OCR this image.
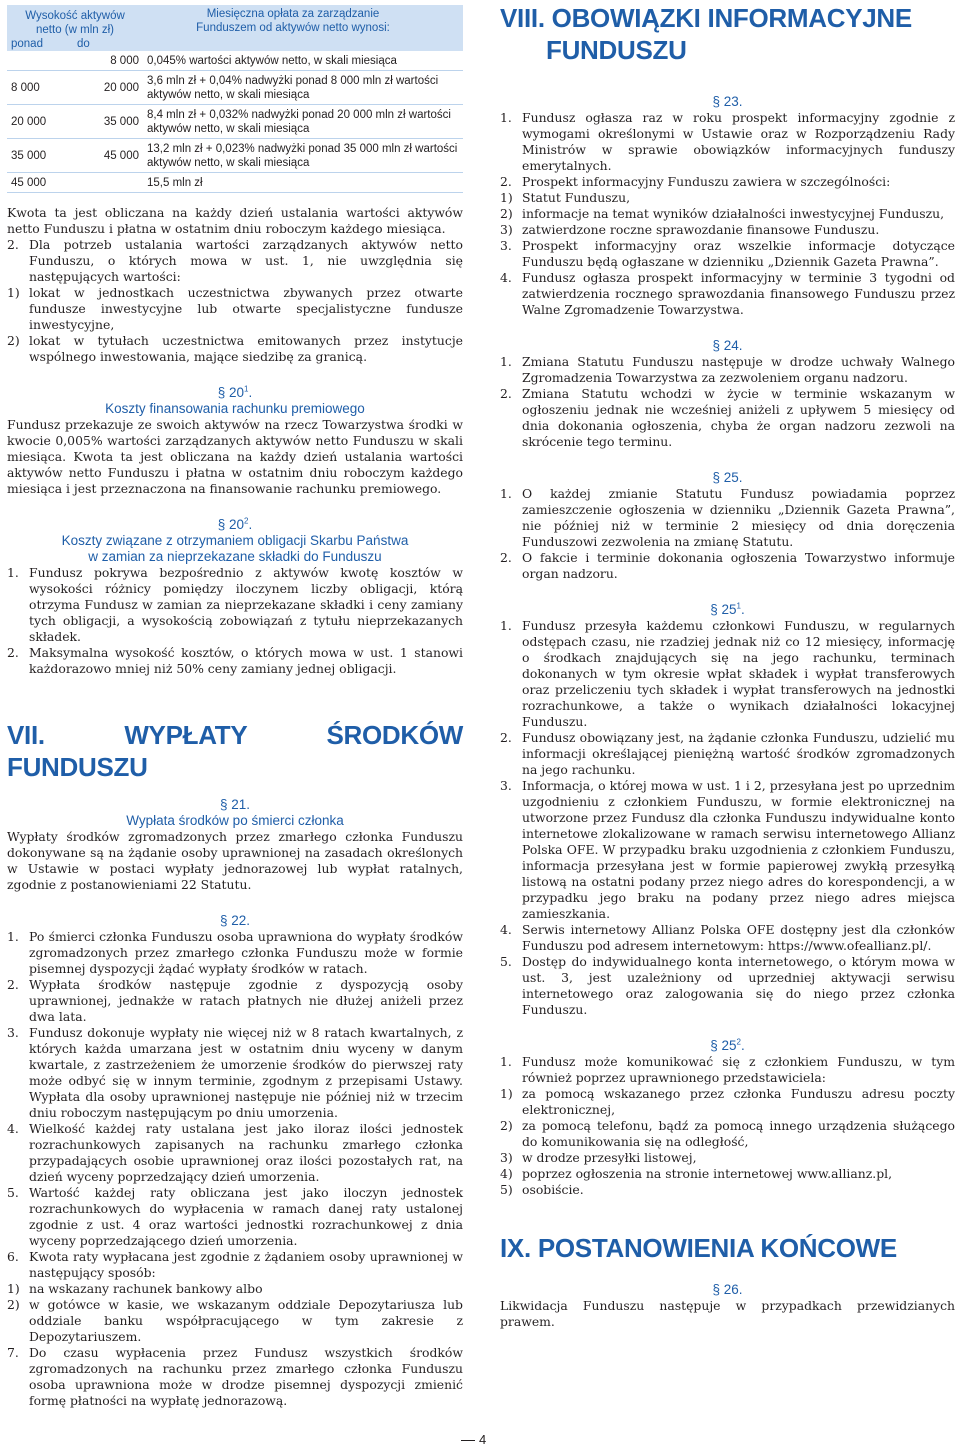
Wysokość aktywów netto (w mln zł)		Miesięczna opłata za zarządzanie Funduszem od aktywów netto wynosi:
ponad	do	
	8 000	0,045% wartości aktywów netto, w skali miesiąca
8 000	20 000	3,6 mln zł + 0,04% nadwyżki ponad 8 000 mln zł wartości aktywów netto, w skali miesiąca
20 000	35 000	8,4 mln zł + 0,032% nadwyżki ponad 20 000 mln zł wartości aktywów netto, w skali miesiąca
35 000	45 000	13,2 mln zł + 0,023% nadwyżki ponad 35 000 mln zł wartości aktywów netto, w skali miesiąca
45 000		15,5 mln zł

Kwota ta jest obliczana na każdy dzień ustalania wartości aktywów netto Funduszu i płatna w ostatnim dniu roboczym każdego miesiąca.

2. Dla potrzeb ustalania wartości zarządzanych aktywów netto Funduszu, o których mowa w ust. 1, nie uwzględnia się następujących wartości:
1) lokat w jednostkach uczestnictwa zbywanych przez otwarte fundusze inwestycyjne lub otwarte specjalistyczne fundusze inwestycyjne,
2) lokat w tytułach uczestnictwa emitowanych przez instytucje wspólnego inwestowania, mające siedzibę za granicą.

§ $20^1$.

Koszty finansowania rachunku premiowego

Fundusz przekazuje ze swoich aktywów na rzecz Towarzystwa środki w kwocie 0,005% wartości zarządzanych aktywów netto Funduszu w skali miesiąca. Kwota ta jest obliczana na każdy dzień ustalania wartości aktywów netto Funduszu i płatna w ostatnim dniu roboczym każdego miesiąca i jest przeznaczona na finansowanie rachunku premiowego.

§ $20^2$.

Koszty związane z otrzymaniem obligacji Skarbu Państwa

w zamian za nieprzekazane składki do Funduszu

1. Fundusz pokrywa bezpośrednio z aktywów kwotę kosztów w wysokości różnicy pomiędzy iloczynem liczby obligacji, którą otrzyma Fundusz w zamian za nieprzekazane składki i ceny zamiany tych obligacji, a wysokością zobowiązań z tytułu nieprzekazanych składek.
2. Maksymalna wysokość kosztów, o których mowa w ust. 1 stanowi każdorazowo mniej niż 50% ceny zamiany jednej obligacji.

VII. WYPŁATY ŚRODKÓW FUNDUSZU

§ 21.

Wypłata środków po śmierci członka

Wypłaty środków zgromadzonych przez zmarłego członka Funduszu dokonywane są na żądanie osoby uprawnionej na zasadach określonych w Ustawie w postaci wypłaty jednorazowej lub wypłat ratalnych, zgodnie z postanowieniami 22 Statutu.

§ 22.

1. Po śmierci członka Funduszu osoba uprawniona do wypłaty środków zgromadzonych przez zmarłego członka Funduszu może w formie pisemnej dyspozycji żądać wypłaty środków w ratach.
2. Wypłata środków następuje zgodnie z dyspozycją osoby uprawnionej, jednakże w ratach płatnych nie dłużej aniżeli przez dwa lata.
3. Fundusz dokonuje wypłaty nie więcej niż w 8 ratach kwartalnych, z których każda umarzana jest w ostatnim dniu wyceny w danym kwartale, z zastrzeżeniem że umorzenie środków do pierwszej raty może odbyć się w innym terminie, zgodnym z przepisami Ustawy. Wypłata dla osoby uprawnionej następuje nie później niż w trzecim dniu roboczym następującym po dniu umorzenia.
4. Wielkość każdej raty ustalana jest jako iloraz ilości jednostek rozrachunkowych zapisanych na rachunku zmarłego członka przypadających osobie uprawnionej oraz ilości pozostałych rat, na dzień wyceny poprzedzający dzień umorzenia.
5. Wartość każdej raty obliczana jest jako iloczyn jednostek rozrachunkowych do wypłacenia w ramach danej raty ustalonej zgodnie z ust. 4 oraz wartości jednostki rozrachunkowej z dnia wyceny poprzedzającego dzień umorzenia.
6. Kwota raty wypłacana jest zgodnie z żądaniem osoby uprawnionej w następujący sposób:
1) na wskazany rachunek bankowy albo
2) w gotówce w kasie, we wskazanym oddziale Depozytariusza lub oddziale banku współpracującego w tym zakresie z Depozytariuszem.
7. Do czasu wypłacenia przez Fundusz wszystkich środków zgromadzonych na rachunku przez zmarłego członka Funduszu osoba uprawniona może w drodze pisemnej dyspozycji zmienić formę płatności na wypłatę jednorazową.

VIII. OBOWIĄZKI INFORMACYJNE

FUNDUSZU

§ 23.

1. Fundusz ogłasza raz w roku prospekt informacyjny zgodnie z wymogami określonymi w Ustawie oraz w Rozporządzeniu Rady Ministrów w sprawie obowiązków informacyjnych funduszy emerytalnych.
2. Prospekt informacyjny Funduszu zawiera w szczególności:
1) Statut Funduszu,
2) informacje na temat wyników działalności inwestycyjnej Funduszu,
3) zatwierdzone roczne sprawozdanie finansowe Funduszu.
3. Prospekt informacyjny oraz wszelkie informacje dotyczące Funduszu będą ogłaszane w dzienniku „Dziennik Gazeta Prawna”.
4. Fundusz ogłasza prospekt informacyjny w terminie 3 tygodni od zatwierdzenia rocznego sprawozdania finansowego Funduszu przez Walne Zgromadzenie Towarzystwa.

§ 24.

1. Zmiana Statutu Funduszu następuje w drodze uchwały Walnego Zgromadzenia Towarzystwa za zezwoleniem organu nadzoru.
2. Zmiana Statutu wchodzi w życie w terminie wskazanym w ogłoszeniu jednak nie wcześniej aniżeli z upływem 5 miesięcy od dnia dokonania ogłoszenia, chyba że organ nadzoru zezwoli na skrócenie tego terminu.

§ 25.

1. O każdej zmianie Statutu Fundusz powiadamia poprzez zamieszczenie ogłoszenia w dzienniku „Dziennik Gazeta Prawna”, nie później niż w terminie 2 miesięcy od dnia doręczenia Funduszowi zezwolenia na zmianę Statutu.
2. O fakcie i terminie dokonania ogłoszenia Towarzystwo informuje organ nadzoru.

§ $25^1$.

1. Fundusz przesyła każdemu członkowi Funduszu, w regularnych odstępach czasu, nie rzadziej jednak niż co 12 miesięcy, informację o środkach znajdujących się na jego rachunku, terminach dokonanych w tym okresie wpłat składek i wypłat transferowych oraz przeliczeniu tych składek i wypłat transferowych na jednostki rozrachunkowe, a także o wynikach działalności lokacyjnej Funduszu.
2. Fundusz obowiązany jest, na żądanie członka Funduszu, udzielić mu informacji określającej pieniężną wartość środków zgromadzonych na jego rachunku.
3. Informacja, o której mowa w ust. 1 i 2, przesyłana jest po uprzednim uzgodnieniu z członkiem Funduszu, w formie elektronicznej na utworzone przez Fundusz dla członka Funduszu indywidualne konto internetowe zlokalizowane w ramach serwisu internetowego Allianz Polska OFE. W przypadku braku uzgodnienia z członkiem Funduszu, informacja przesyłana jest w formie papierowej zwykłą przesyłką listową na ostatni podany przez niego adres do korespondencji, a w przypadku jego braku na podany przez niego adres miejsca zamieszkania.
4. Serwis internetowy Allianz Polska OFE dostępny jest dla członków Funduszu pod adresem internetowym: https://www.ofeallianz.pl/.
5. Dostęp do indywidualnego konta internetowego, o którym mowa w ust. 3, jest uzależniony od uprzedniej aktywacji serwisu internetowego oraz zalogowania się do niego przez członka Funduszu.

§ $25^2$.

1. Fundusz może komunikować się z członkiem Funduszu, w tym również poprzez uprawnionego przedstawiciela:
1) za pomocą wskazanego przez członka Funduszu adresu poczty elektronicznej,
2) za pomocą telefonu, bądź za pomocą innego urządzenia służącego do komunikowania się na odległość,
3) w drodze przesyłki listowej,
4) poprzez ogłoszenia na stronie internetowej www.allianz.pl,
5) osobiście.

IX. POSTANOWIENIA KOŃCOWE

§ 26.

Likwidacja Funduszu następuje w przypadkach przewidzianych prawem.

4
